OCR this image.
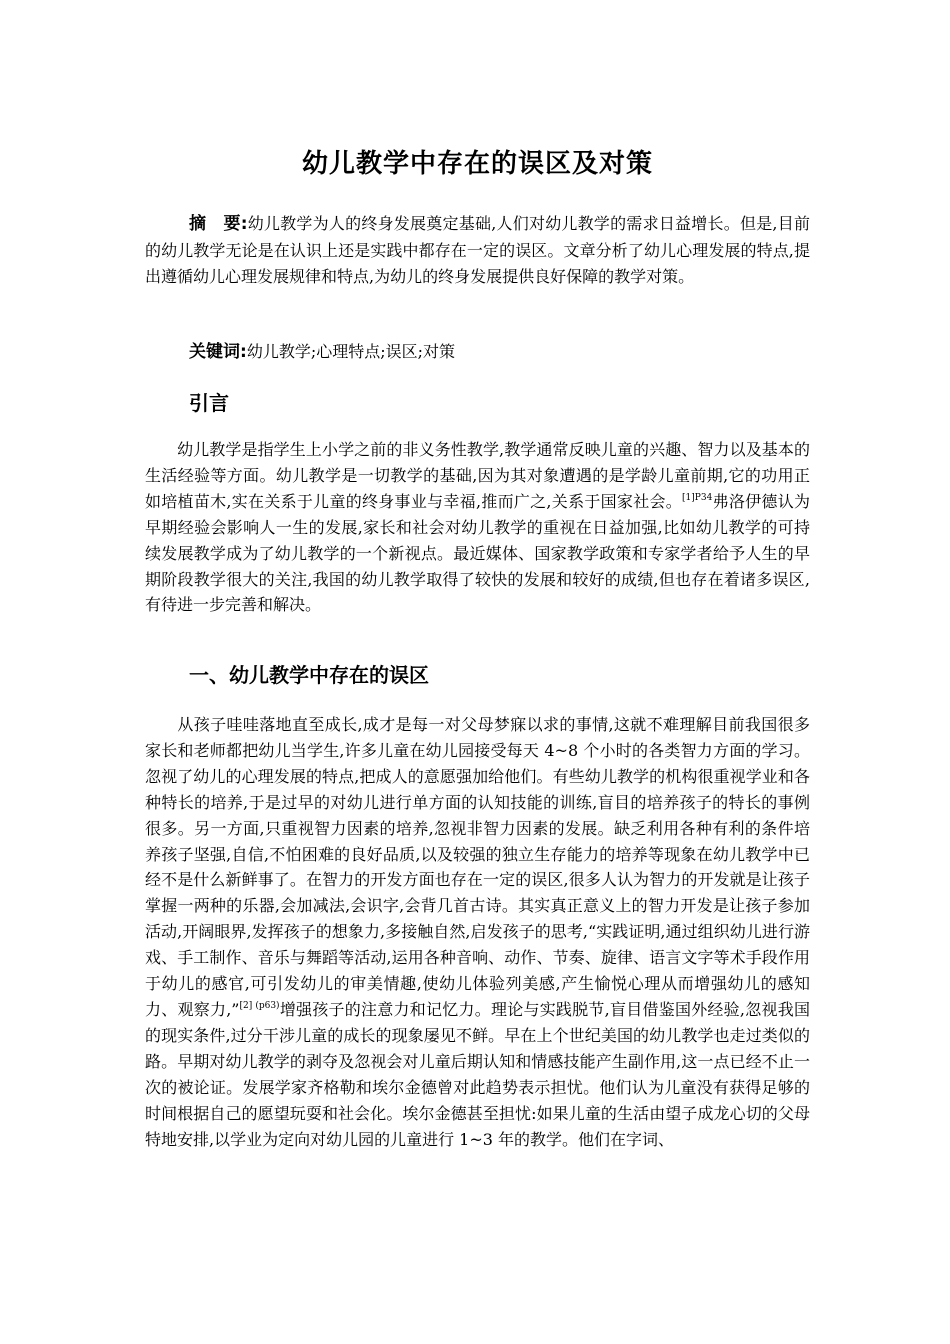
幼儿教学中存在的误区及对策
摘　要:幼儿教学为人的终身发展奠定基础,人们对幼儿教学的需求日益增长。但是,目前的幼儿教学无论是在认识上还是实践中都存在一定的误区。文章分析了幼儿心理发展的特点,提出遵循幼儿心理发展规律和特点,为幼儿的终身发展提供良好保障的教学对策。
关键词:幼儿教学;心理特点;误区;对策
引言
幼儿教学是指学生上小学之前的非义务性教学,教学通常反映儿童的兴趣、智力以及基本的生活经验等方面。幼儿教学是一切教学的基础,因为其对象遭遇的是学龄儿童前期,它的功用正如培植苗木,实在关系于儿童的终身事业与幸福,推而广之,关系于国家社会。$^{[1]P34}$弗洛伊德认为早期经验会影响人一生的发展,家长和社会对幼儿教学的重视在日益加强,比如幼儿教学的可持续发展教学成为了幼儿教学的一个新视点。最近媒体、国家教学政策和专家学者给予人生的早期阶段教学很大的关注,我国的幼儿教学取得了较快的发展和较好的成绩,但也存在着诸多误区,有待进一步完善和解决。
一、幼儿教学中存在的误区
从孩子哇哇落地直至成长,成才是每一对父母梦寐以求的事情,这就不难理解目前我国很多家长和老师都把幼儿当学生,许多儿童在幼儿园接受每天 4~8 个小时的各类智力方面的学习。忽视了幼儿的心理发展的特点,把成人的意愿强加给他们。有些幼儿教学的机构很重视学业和各种特长的培养,于是过早的对幼儿进行单方面的认知技能的训练,盲目的培养孩子的特长的事例很多。另一方面,只重视智力因素的培养,忽视非智力因素的发展。缺乏利用各种有利的条件培养孩子坚强,自信,不怕困难的良好品质,以及较强的独立生存能力的培养等现象在幼儿教学中已经不是什么新鲜事了。在智力的开发方面也存在一定的误区,很多人认为智力的开发就是让孩子掌握一两种的乐器,会加减法,会识字,会背几首古诗。其实真正意义上的智力开发是让孩子参加活动,开阔眼界,发挥孩子的想象力,多接触自然,启发孩子的思考,“实践证明,通过组织幼儿进行游戏、手工制作、音乐与舞蹈等活动,运用各种音响、动作、节奏、旋律、语言文字等术手段作用于幼儿的感官,可引发幼儿的审美情趣,使幼儿体验列美感,产生愉悦心理从而增强幼儿的感知力、观察力,”$^{[2] (p63)}$增强孩子的注意力和记忆力。理论与实践脱节,盲目借鉴国外经验,忽视我国的现实条件,过分干涉儿童的成长的现象屡见不鲜。早在上个世纪美国的幼儿教学也走过类似的路。早期对幼儿教学的剥夺及忽视会对儿童后期认知和情感技能产生副作用,这一点已经不止一次的被论证。发展学家齐格勒和埃尔金德曾对此趋势表示担忧。他们认为儿童没有获得足够的时间根据自己的愿望玩耍和社会化。埃尔金德甚至担忧:如果儿童的生活由望子成龙心切的父母特地安排,以学业为定向对幼儿园的儿童进行 1~3 年的教学。他们在字词、
